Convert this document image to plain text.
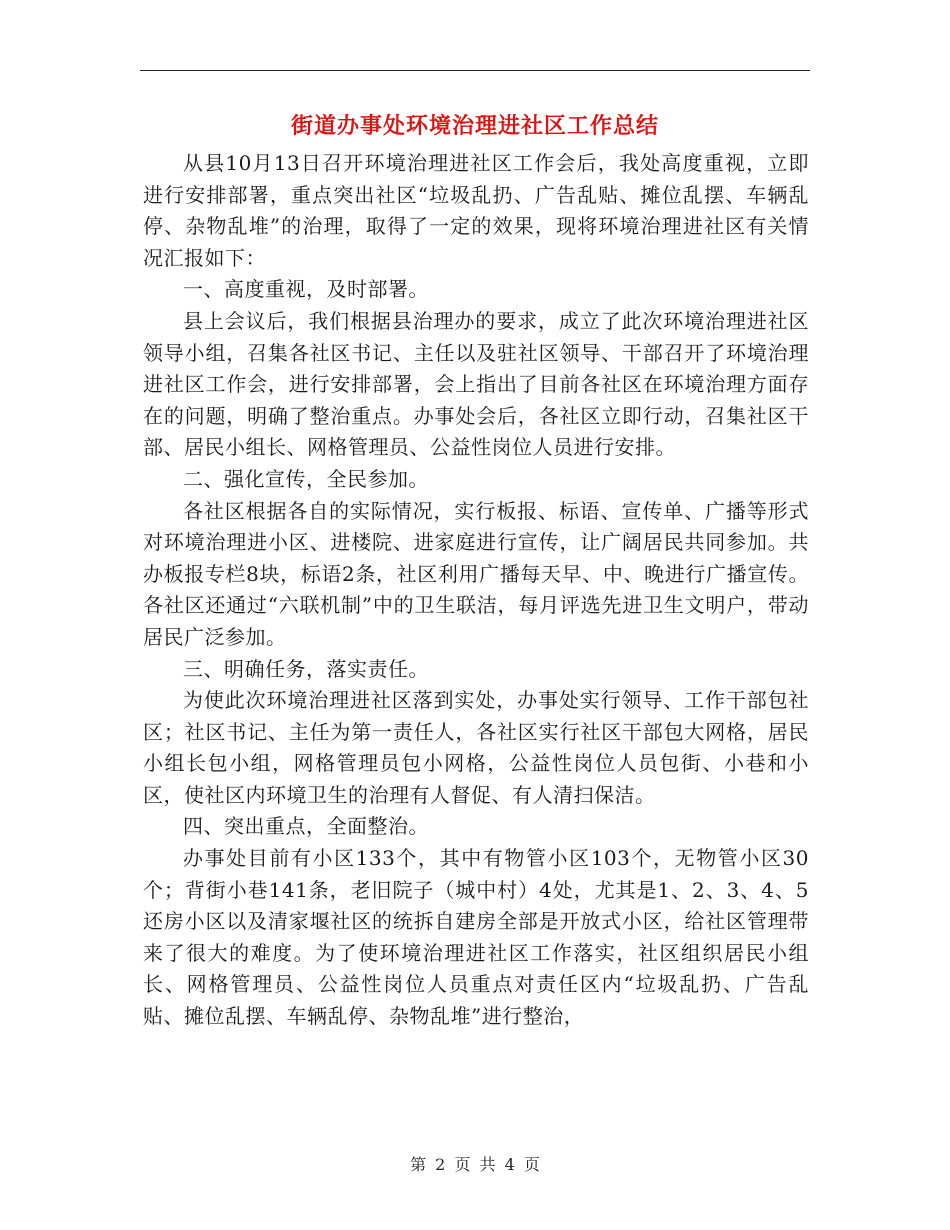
街道办事处环境治理进社区工作总结

从县10月13日召开环境治理进社区工作会后，我处高度重视，立即进行安排部署，重点突出社区“垃圾乱扔、广告乱贴、摊位乱摆、车辆乱停、杂物乱堆”的治理，取得了一定的效果，现将环境治理进社区有关情况汇报如下：

一、高度重视，及时部署。

县上会议后，我们根据县治理办的要求，成立了此次环境治理进社区领导小组，召集各社区书记、主任以及驻社区领导、干部召开了环境治理进社区工作会，进行安排部署，会上指出了目前各社区在环境治理方面存在的问题，明确了整治重点。办事处会后，各社区立即行动，召集社区干部、居民小组长、网格管理员、公益性岗位人员进行安排。

二、强化宣传，全民参加。

各社区根据各自的实际情况，实行板报、标语、宣传单、广播等形式对环境治理进小区、进楼院、进家庭进行宣传，让广阔居民共同参加。共办板报专栏8块，标语2条，社区利用广播每天早、中、晚进行广播宣传。各社区还通过“六联机制”中的卫生联洁，每月评选先进卫生文明户，带动居民广泛参加。

三、明确任务，落实责任。

为使此次环境治理进社区落到实处，办事处实行领导、工作干部包社区；社区书记、主任为第一责任人，各社区实行社区干部包大网格，居民小组长包小组，网格管理员包小网格，公益性岗位人员包街、小巷和小区，使社区内环境卫生的治理有人督促、有人清扫保洁。

四、突出重点，全面整治。

办事处目前有小区133个，其中有物管小区103个，无物管小区30个；背街小巷141条，老旧院子（城中村）4处，尤其是1、2、3、4、5还房小区以及清家堰社区的统拆自建房全部是开放式小区，给社区管理带来了很大的难度。为了使环境治理进社区工作落实，社区组织居民小组长、网格管理员、公益性岗位人员重点对责任区内“垃圾乱扔、广告乱贴、摊位乱摆、车辆乱停、杂物乱堆”进行整治，

第 2 页 共 4 页
